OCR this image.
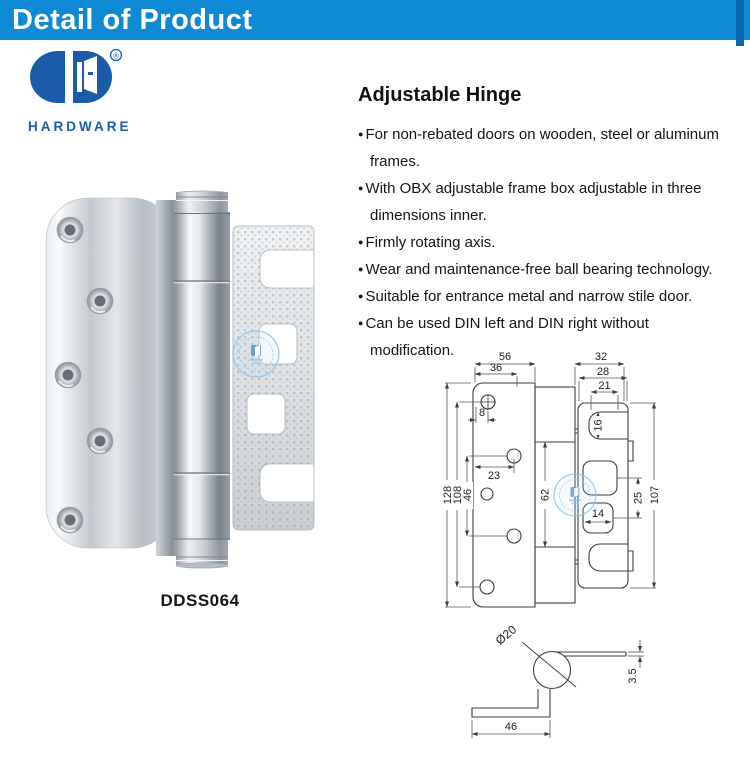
Detail of Product
®
HARDWARE
Adjustable Hinge
● For non-rebated doors on wooden, steel or aluminum frames.
● With OBX adjustable frame box adjustable in three dimensions inner.
● Firmly rotating axis.
● Wear and maintenance-free ball bearing technology.
● Suitable for entrance metal and narrow stile door.
● Can be used DIN left and DIN right without modification.
DDSS064
56
36
32
28
21
8
23
128
108
46	62
16
25
14
107
Ø20
3.5
46
